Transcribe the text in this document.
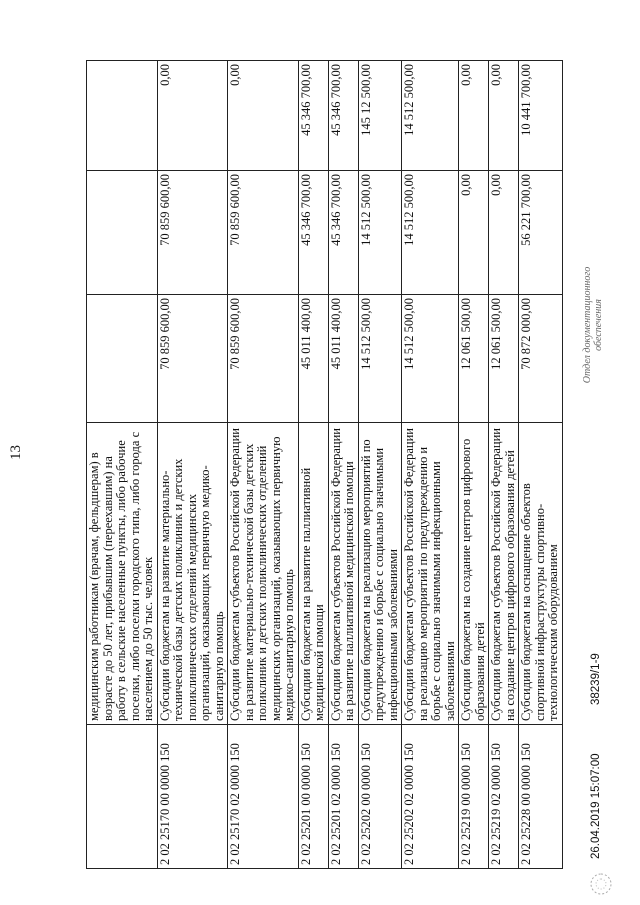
13
		медицинским работникам (врачам, фельдшерам) в возрасте до 50 лет, прибывшим (переехавшим) на работу в сельские населенные пункты, либо рабочие поселки, либо поселки городского типа, либо города с населением до 50 тыс. человек			
2 02 25170 00 0000 150	Субсидии бюджетам на развитие материально-технической базы детских поликлиник и детских поликлинических отделений медицинских организаций, оказывающих первичную медико-санитарную помощь	70 859 600,00	70 859 600,00	0,00
2 02 25170 02 0000 150	Субсидии бюджетам субъектов Российской Федерации на развитие материально-технической базы детских поликлиник и детских поликлинических отделений медицинских организаций, оказывающих первичную медико-санитарную помощь	70 859 600,00	70 859 600,00	0,00
2 02 25201 00 0000 150	Субсидии бюджетам на развитие паллиативной медицинской помощи	45 011 400,00	45 346 700,00	45 346 700,00
2 02 25201 02 0000 150	Субсидии бюджетам субъектов Российской Федерации на развитие паллиативной медицинской помощи	45 011 400,00	45 346 700,00	45 346 700,00
2 02 25202 00 0000 150	Субсидии бюджетам на реализацию мероприятий по предупреждению и борьбе с социально значимыми инфекционными заболеваниями	14 512 500,00	14 512 500,00	145 12 500,00
2 02 25202 02 0000 150	Субсидии бюджетам субъектов Российской Федерации на реализацию мероприятий по предупреждению и борьбе с социально значимыми инфекционными заболеваниями	14 512 500,00	14 512 500,00	14 512 500,00
2 02 25219 00 0000 150	Субсидии бюджетам на создание центров цифрового образования детей	12 061 500,00	0,00	0,00
2 02 25219 02 0000 150	Субсидии бюджетам субъектов Российской Федерации на создание центров цифрового образования детей	12 061 500,00	0,00	0,00
2 02 25228 00 0000 150	Субсидии бюджетам на оснащение объектов спортивной инфраструктуры спортивно-технологическим оборудованием	70 872 000,00	56 221 700,00	10 441 700,00
26.04.2019 15:07:00
38239/1-9
Отдел документационного обеспечения
